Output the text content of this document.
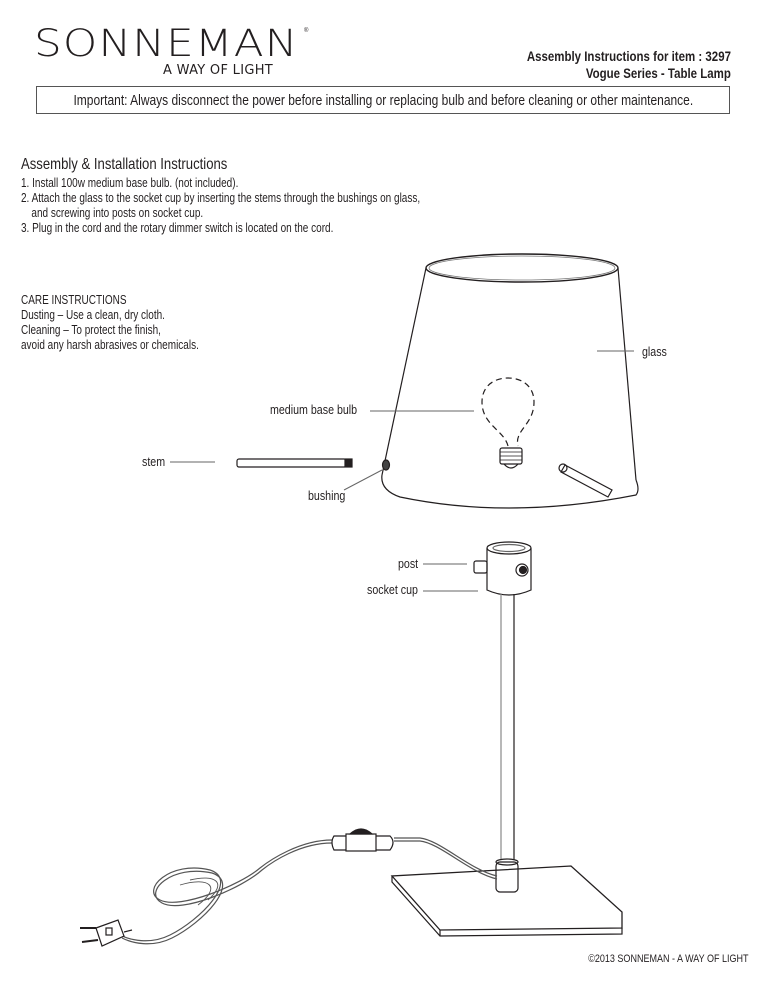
SONNEMAN ®
A WAY OF LIGHT
Assembly Instructions for item : 3297
Vogue Series - Table Lamp
Important: Always disconnect the power before installing or replacing bulb and before cleaning or other maintenance.
Assembly & Installation Instructions
1. Install 100w medium base bulb. (not included).
2. Attach the glass to the socket cup by inserting the stems through the bushings on glass,
and screwing into posts on socket cup.
3. Plug in the cord and the rotary dimmer switch is located on the cord.
CARE INSTRUCTIONS
Dusting – Use a clean, dry cloth.
Cleaning – To protect the finish,
avoid any harsh abrasives or chemicals.	glass
medium base bulb
stem
bushing
post
socket cup
©2013 SONNEMAN - A WAY OF LIGHT
